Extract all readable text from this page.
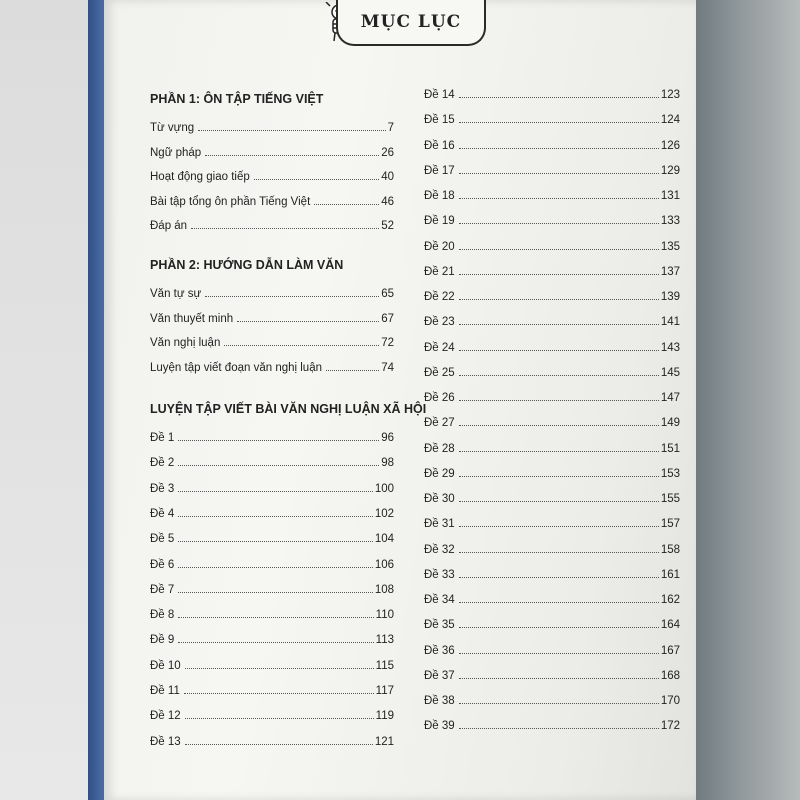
MỤC LỤC
PHẦN 1: ÔN TẬP TIẾNG VIỆT
Từ vựng	7
Ngữ pháp	26
Hoạt động giao tiếp	40
Bài tập tổng ôn phần Tiếng Việt	46
Đáp án	52
PHẦN 2: HƯỚNG DẪN LÀM VĂN
Văn tự sự	65
Văn thuyết minh	67
Văn nghị luận	72
Luyện tập viết đoạn văn nghị luận	74
LUYỆN TẬP VIẾT BÀI VĂN NGHỊ LUẬN XÃ HỘI
Đề 1	96
Đề 2	98
Đề 3	100
Đề 4	102
Đề 5	104
Đề 6	106
Đề 7	108
Đề 8	110
Đề 9	113
Đề 10	115
Đề 11	117
Đề 12	119
Đề 13	121
Đề 14	123
Đề 15	124
Đề 16	126
Đề 17	129
Đề 18	131
Đề 19	133
Đề 20	135
Đề 21	137
Đề 22	139
Đề 23	141
Đề 24	143
Đề 25	145
Đề 26	147
Đề 27	149
Đề 28	151
Đề 29	153
Đề 30	155
Đề 31	157
Đề 32	158
Đề 33	161
Đề 34	162
Đề 35	164
Đề 36	167
Đề 37	168
Đề 38	170
Đề 39	172
